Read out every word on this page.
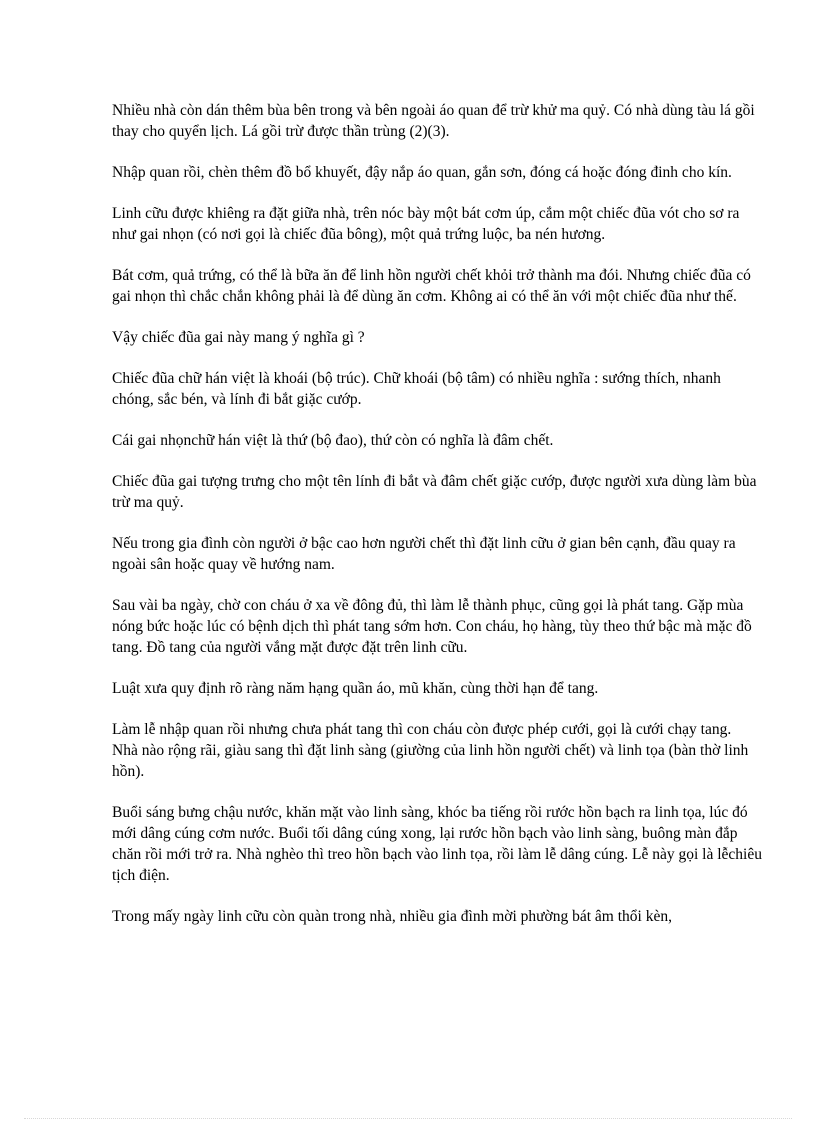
Nhiều nhà còn dán thêm bùa bên trong và bên ngoài áo quan để trừ khử ma quỷ. Có nhà dùng tàu lá gồi thay cho quyển lịch. Lá gồi trừ được thần trùng (2)(3).

Nhập quan rồi, chèn thêm đồ bổ khuyết, đậy nắp áo quan, gắn sơn, đóng cá hoặc đóng đinh cho kín.

Linh cữu được khiêng ra đặt giữa nhà, trên nóc bày một bát cơm úp, cắm một chiếc đũa vót cho sơ ra như gai nhọn (có nơi gọi là chiếc đũa bông), một quả trứng luộc, ba nén hương.

Bát cơm, quả trứng, có thể là bữa ăn để linh hồn người chết khỏi trở thành ma đói. Nhưng chiếc đũa có gai nhọn thì chắc chắn không phải là để dùng ăn cơm. Không ai có thể ăn với một chiếc đũa như thế.

Vậy chiếc đũa gai này mang ý nghĩa gì ?

Chiếc đũa chữ hán việt là khoái (bộ trúc). Chữ khoái (bộ tâm) có nhiều nghĩa : sướng thích, nhanh chóng, sắc bén, và lính đi bắt giặc cướp.

Cái gai nhọnchữ hán việt là thứ (bộ đao), thứ còn có nghĩa là đâm chết.

Chiếc đũa gai tượng trưng cho một tên lính đi bắt và đâm chết giặc cướp, được người xưa dùng làm bùa trừ ma quỷ.

Nếu trong gia đình còn người ở bậc cao hơn người chết thì đặt linh cữu ở gian bên cạnh, đầu quay ra ngoài sân hoặc quay về hướng nam.

Sau vài ba ngày, chờ con cháu ở xa về đông đủ, thì làm lễ thành phục, cũng gọi là phát tang. Gặp mùa nóng bức hoặc lúc có bệnh dịch thì phát tang sớm hơn. Con cháu, họ hàng, tùy theo thứ bậc mà mặc đồ tang. Đồ tang của người vắng mặt được đặt trên linh cữu.

Luật xưa quy định rõ ràng năm hạng quần áo, mũ khăn, cùng thời hạn để tang.

Làm lễ nhập quan rồi nhưng chưa phát tang thì con cháu còn được phép cưới, gọi là cưới chạy tang.

Nhà nào rộng rãi, giàu sang thì đặt linh sàng (giường của linh hồn người chết) và linh tọa (bàn thờ linh hồn).

Buổi sáng bưng chậu nước, khăn mặt vào linh sàng, khóc ba tiếng rồi rước hồn bạch ra linh tọa, lúc đó mới dâng cúng cơm nước. Buổi tối dâng cúng xong, lại rước hồn bạch vào linh sàng, buông màn đắp chăn rồi mới trở ra. Nhà nghèo thì treo hồn bạch vào linh tọa, rồi làm lễ dâng cúng. Lễ này gọi là lễchiêu tịch điện.

Trong mấy ngày linh cữu còn quàn trong nhà, nhiều gia đình mời phường bát âm thổi kèn,
